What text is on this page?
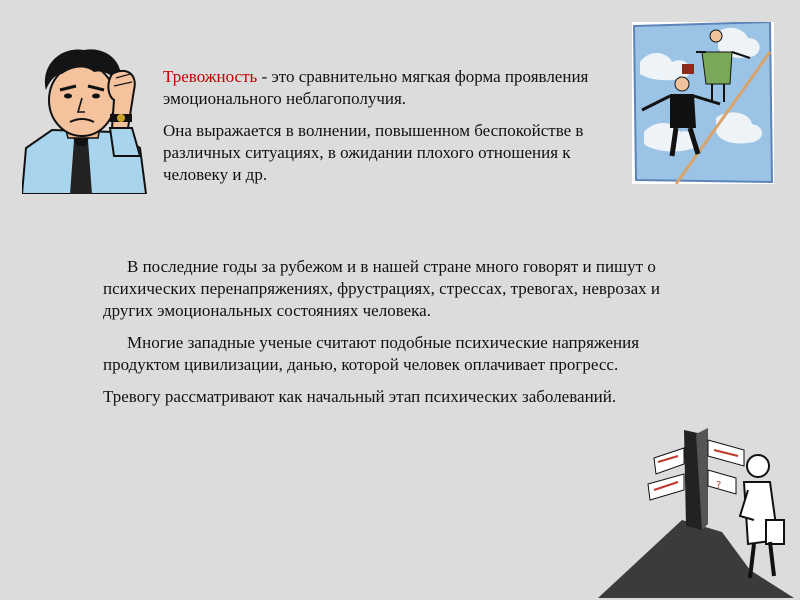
Тревожность - это сравнительно мягкая форма проявления эмоционального неблагополучия.

Она выражается в волнении, повышенном беспокойстве в различных ситуациях, в ожидании плохого отношения к человеку и др.

В последние годы за рубежом и в нашей стране много говорят и пишут о психических перенапряжениях, фрустрациях, стрессах, тревогах, неврозах и других эмоциональных состояниях человека.

Многие западные ученые считают подобные психические напряжения продуктом цивилизации, данью, которой человек оплачивает прогресс.

Тревогу рассматривают как начальный этап психических заболеваний.

?
